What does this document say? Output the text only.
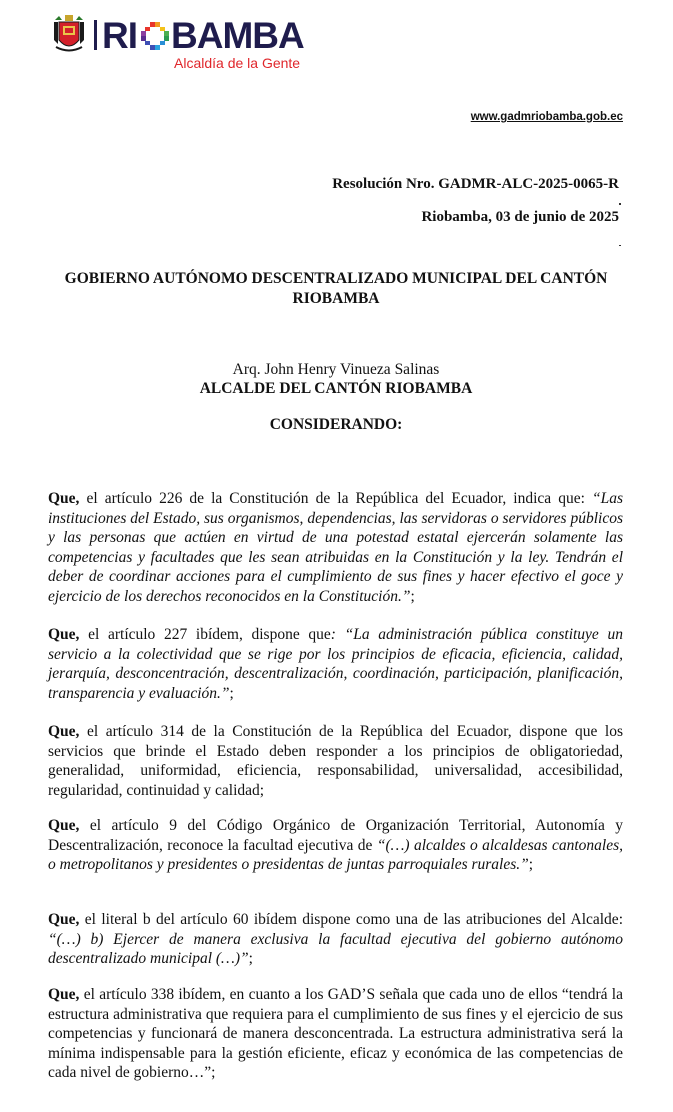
RI BAMBA
Alcaldía de la Gente
www.gadmriobamba.gob.ec
Resolución Nro. GADMR-ALC-2025-0065-R
Riobamba, 03 de junio de 2025
GOBIERNO AUTÓNOMO DESCENTRALIZADO MUNICIPAL DEL CANTÓN RIOBAMBA
Arq. John Henry Vinueza Salinas
ALCALDE DEL CANTÓN RIOBAMBA
CONSIDERANDO:
Que, el artículo 226 de la Constitución de la República del Ecuador, indica que: “Las instituciones del Estado, sus organismos, dependencias, las servidoras o servidores públicos y las personas que actúen en virtud de una potestad estatal ejercerán solamente las competencias y facultades que les sean atribuidas en la Constitución y la ley. Tendrán el deber de coordinar acciones para el cumplimiento de sus fines y hacer efectivo el goce y ejercicio de los derechos reconocidos en la Constitución.”;
Que, el artículo 227 ibídem, dispone que: “La administración pública constituye un servicio a la colectividad que se rige por los principios de eficacia, eficiencia, calidad, jerarquía, desconcentración, descentralización, coordinación, participación, planificación, transparencia y evaluación.”;
Que, el artículo 314 de la Constitución de la República del Ecuador, dispone que los servicios que brinde el Estado deben responder a los principios de obligatoriedad, generalidad, uniformidad, eficiencia, responsabilidad, universalidad, accesibilidad, regularidad, continuidad y calidad;
Que, el artículo 9 del Código Orgánico de Organización Territorial, Autonomía y Descentralización, reconoce la facultad ejecutiva de “(…) alcaldes o alcaldesas cantonales, o metropolitanos y presidentes o presidentas de juntas parroquiales rurales.”;
Que, el literal b del artículo 60 ibídem dispone como una de las atribuciones del Alcalde: “(…) b) Ejercer de manera exclusiva la facultad ejecutiva del gobierno autónomo descentralizado municipal (…)”;
Que, el artículo 338 ibídem, en cuanto a los GAD’S señala que cada uno de ellos “tendrá la estructura administrativa que requiera para el cumplimiento de sus fines y el ejercicio de sus competencias y funcionará de manera desconcentrada. La estructura administrativa será la mínima indispensable para la gestión eficiente, eficaz y económica de las competencias de cada nivel de gobierno…”;
